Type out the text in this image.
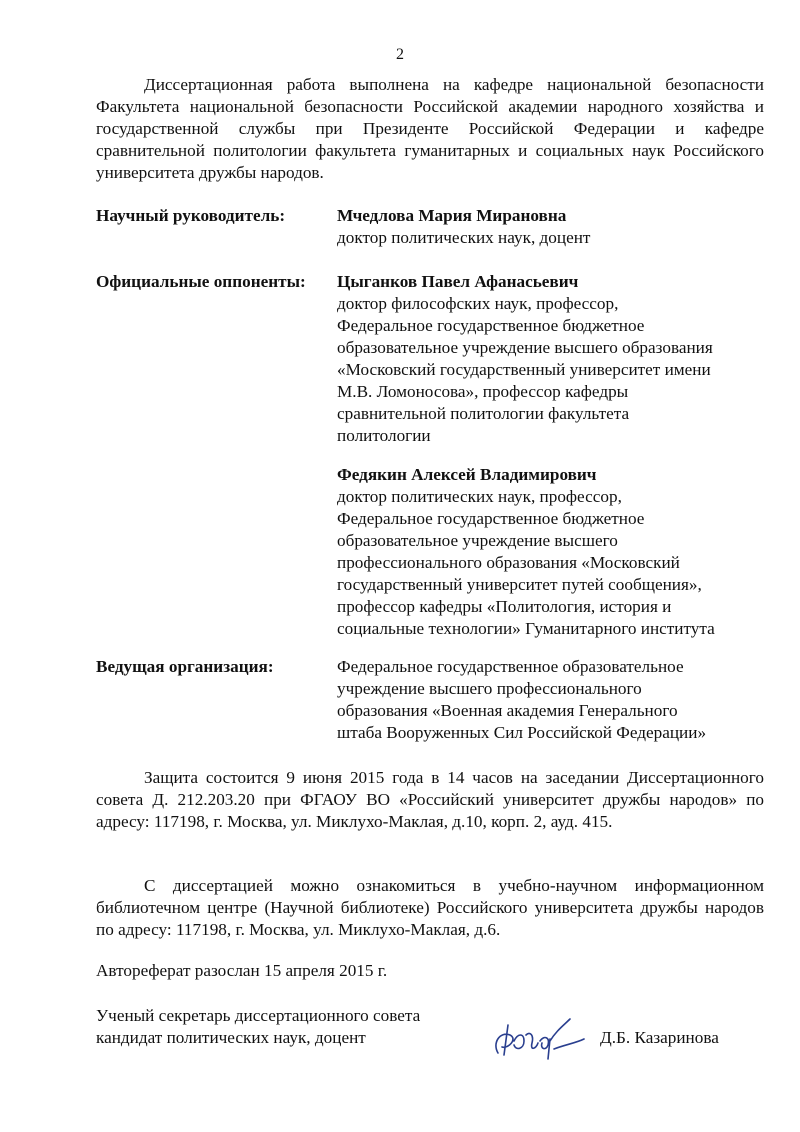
2

Диссертационная работа выполнена на кафедре национальной безопасности Факультета национальной безопасности Российской академии народного хозяйства и государственной службы при Президенте Российской Федерации и кафедре сравнительной политологии факультета гуманитарных и социальных наук Российского университета дружбы народов.

Научный руководитель:	Мчедлова Мария Мирановна
доктор политических наук, доцент
Официальные оппоненты: Цыганков Павел Афанасьевич
доктор философских наук, профессор,
Федеральное государственное бюджетное
образовательное учреждение высшего образования
«Московский государственный университет имени
М.В. Ломоносова», профессор кафедры
сравнительной политологии факультета
политологии
Федякин Алексей Владимирович
доктор политических наук, профессор,
Федеральное государственное бюджетное
образовательное учреждение высшего
профессионального образования «Московский
государственный университет путей сообщения»,
профессор кафедры «Политология, история и
социальные технологии» Гуманитарного института
Ведущая организация:	Федеральное государственное образовательное
учреждение высшего профессионального
образования «Военная академия Генерального
штаба Вооруженных Сил Российской Федерации»

Защита состоится 9 июня 2015 года в 14 часов на заседании Диссертационного совета Д. 212.203.20 при ФГАОУ ВО «Российский университет дружбы народов» по адресу: 117198, г. Москва, ул. Миклухо-Маклая, д.10, корп. 2, ауд. 415.

С диссертацией можно ознакомиться в учебно-научном информационном библиотечном центре (Научной библиотеке) Российского университета дружбы народов по адресу: 117198, г. Москва, ул. Миклухо-Маклая, д.6.

Автореферат разослан 15 апреля 2015 г.

Ученый секретарь диссертационного совета
кандидат политических наук, доцент	Д.Б. Казаринова
